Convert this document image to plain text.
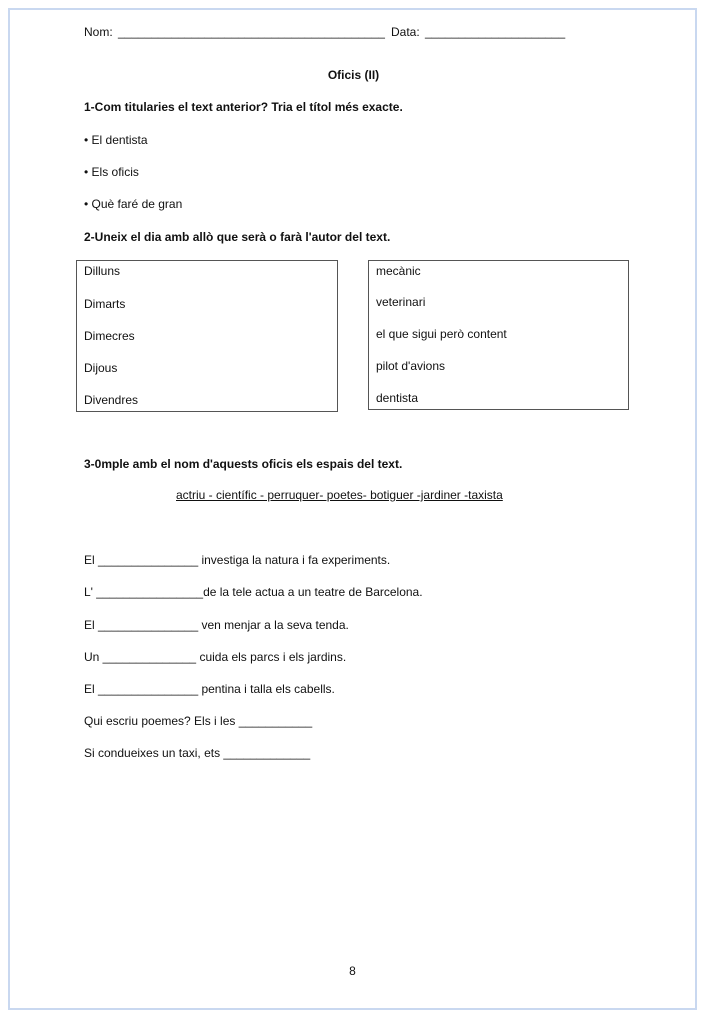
Nom: ________________________________________ Data: _____________________
Oficis (II)
1-Com titularies el text anterior? Tria el títol més exacte.
• El dentista
• Els oficis
• Què faré de gran
2-Uneix el dia amb allò que serà o farà l'autor del text.
Dilluns
Dimarts
Dimecres
Dijous
Divendres
mecànic
veterinari
el que sigui però content
pilot d'avions
dentista
3-0mple amb el nom d'aquests oficis els espais del text.
actriu - científic - perruquer- poetes- botiguer -jardiner -taxista
El _______________ investiga la natura i fa experiments.
L' ________________de la tele actua a un teatre de Barcelona.
El _______________ ven menjar a la seva tenda.
Un ______________ cuida els parcs i els jardins.
El _______________ pentina i talla els cabells.
Qui escriu poemes? Els i les ___________
Si condueixes un taxi, ets _____________
8
